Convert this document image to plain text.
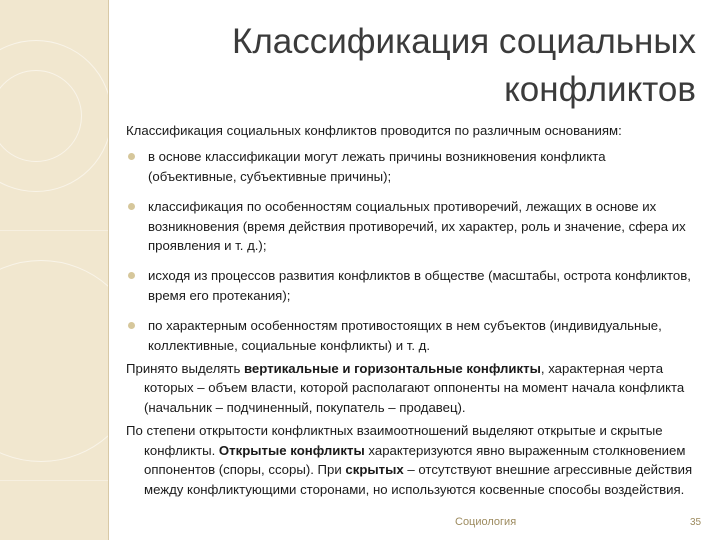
Классификация социальных
конфликтов

Классификация социальных конфликтов проводится по различным основаниям:

в основе классификации могут лежать причины возникновения конфликта (объективные, субъективные причины);
классификация по особенностям социальных противоречий, лежащих в основе их возникновения (время действия противоречий, их характер, роль и значение, сфера их проявления и т. д.);
исходя из процессов развития конфликтов в обществе (масштабы, острота конфликтов, время его протекания);
по характерным особенностям противостоящих в нем субъектов (индивидуальные, коллективные, социальные конфликты) и т. д.

Принято выделять вертикальные и горизонтальные конфликты, характерная черта которых – объем власти, которой располагают оппоненты на момент начала конфликта (начальник – подчиненный, покупатель – продавец).

По степени открытости конфликтных взаимоотношений выделяют открытые и скрытые конфликты. Открытые конфликты характеризуются явно выраженным столкновением оппонентов (споры, ссоры). При скрытых – отсутствуют внешние агрессивные действия между конфликтующими сторонами, но используются косвенные способы воздействия.

Социология	35
